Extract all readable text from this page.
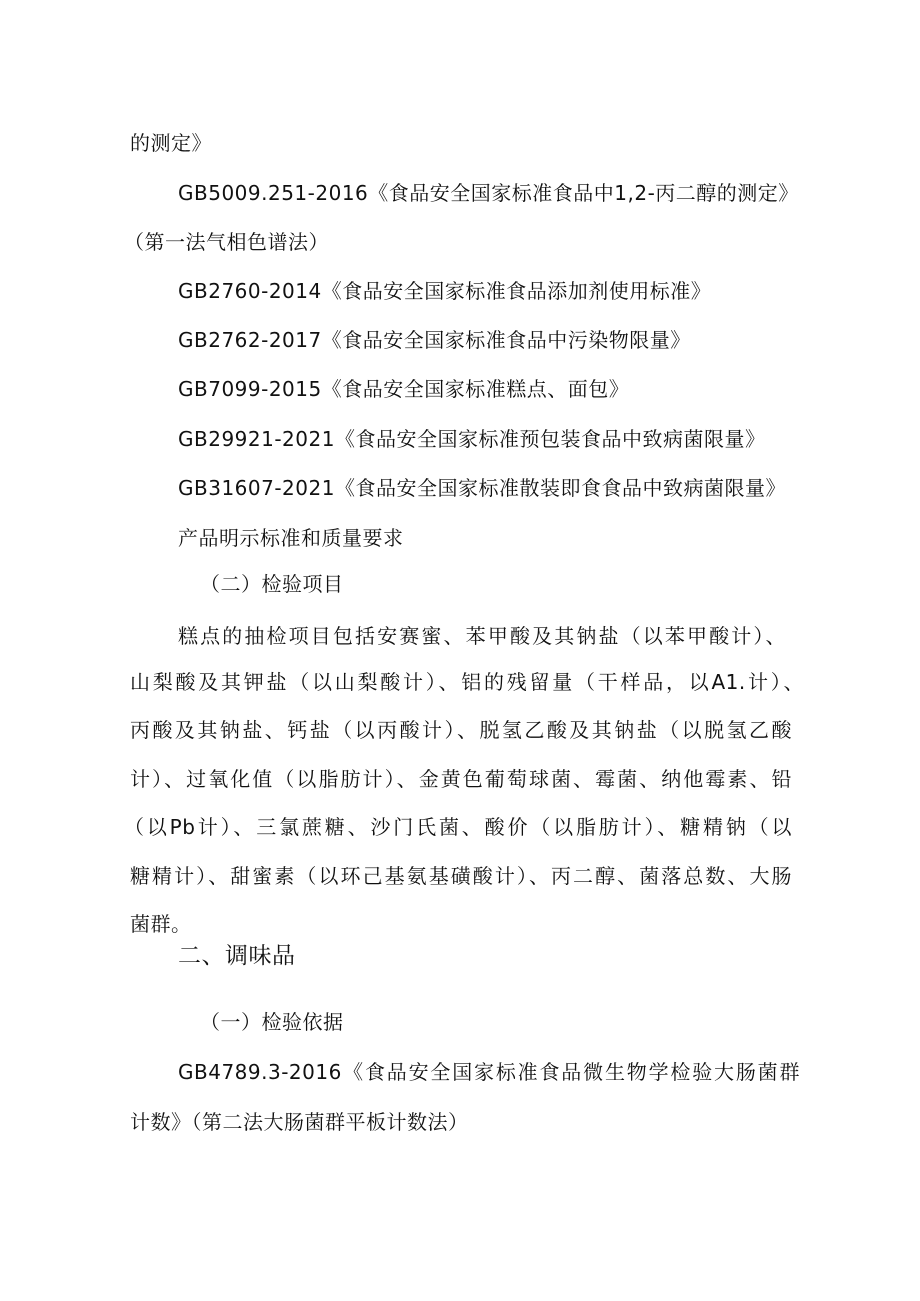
的测定》
GB5009.251-2016《食品安全国家标准食品中1,2-丙二醇的测定》
（第一法气相色谱法）
GB2760-2014《食品安全国家标准食品添加剂使用标准》
GB2762-2017《食品安全国家标准食品中污染物限量》
GB7099-2015《食品安全国家标准糕点、面包》
GB29921-2021《食品安全国家标准预包装食品中致病菌限量》
GB31607-2021《食品安全国家标准散装即食食品中致病菌限量》
产品明示标准和质量要求
（二）检验项目
糕点的抽检项目包括安赛蜜、苯甲酸及其钠盐（以苯甲酸计）、
山梨酸及其钾盐（以山梨酸计）、铝的残留量（干样品，以A1.计）、
丙酸及其钠盐、钙盐（以丙酸计）、脱氢乙酸及其钠盐（以脱氢乙酸
计）、过氧化值（以脂肪计）、金黄色葡萄球菌、霉菌、纳他霉素、铅
（以Pb计）、三氯蔗糖、沙门氏菌、酸价（以脂肪计）、糖精钠（以
糖精计）、甜蜜素（以环己基氨基磺酸计）、丙二醇、菌落总数、大肠
菌群。
二、调味品
（一）检验依据
GB4789.3-2016《食品安全国家标准食品微生物学检验大肠菌群
计数》（第二法大肠菌群平板计数法）
